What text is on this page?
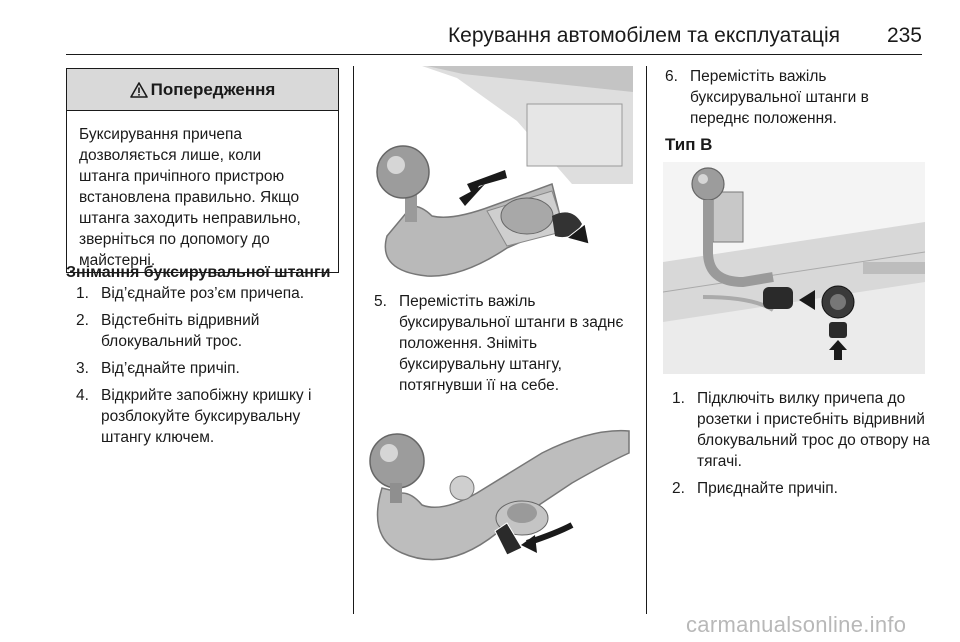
Керування автомобілем та експлуатація 235
Попередження
Буксирування причепа
дозволяється лише, коли
штанга причіпного пристрою
встановлена правильно. Якщо
штанга заходить неправильно,
зверніться по допомогу до
майстерні.
Знімання буксирувальної штанги
1. Від’єднайте роз’єм причепа.
2. Відстебніть відривний
блокувальний трос.
3. Від’єднайте причіп.
4. Відкрийте запобіжну кришку і
розблокуйте буксирувальну
штангу ключем.
5. Перемістіть важіль
буксирувальної штанги в заднє
положення. Зніміть
буксирувальну штангу,
потягнувши її на себе.
6. Перемістіть важіль
буксирувальної штанги в
переднє положення.
Тип B
1. Підключіть вилку причепа до
розетки і пристебніть відривний
блокувальний трос до отвору на
тягачі.
2. Приєднайте причіп.
carmanualsonline.info
